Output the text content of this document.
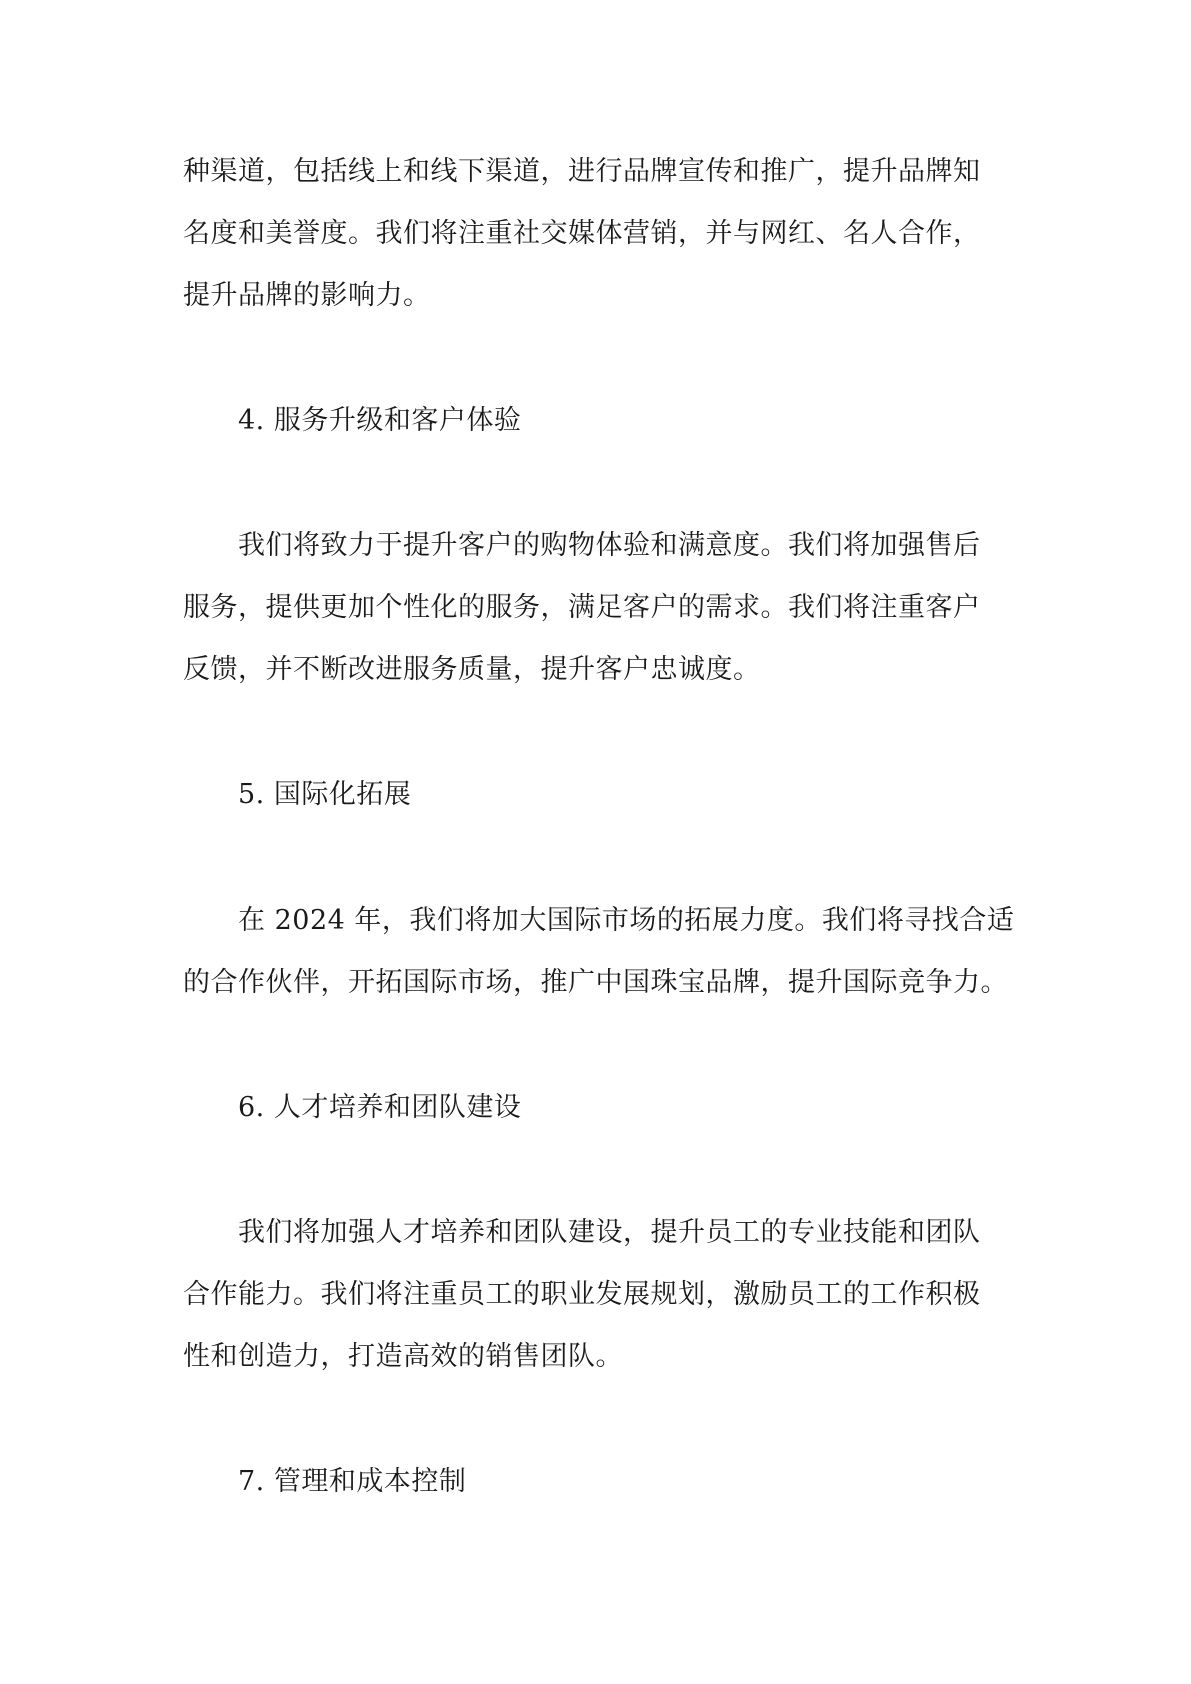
种渠道，包括线上和线下渠道，进行品牌宣传和推广，提升品牌知
名度和美誉度。我们将注重社交媒体营销，并与网红、名人合作，
提升品牌的影响力。
4. 服务升级和客户体验
我们将致力于提升客户的购物体验和满意度。我们将加强售后
服务，提供更加个性化的服务，满足客户的需求。我们将注重客户
反馈，并不断改进服务质量，提升客户忠诚度。
5. 国际化拓展
在 2024 年，我们将加大国际市场的拓展力度。我们将寻找合适
的合作伙伴，开拓国际市场，推广中国珠宝品牌，提升国际竞争力。
6. 人才培养和团队建设
我们将加强人才培养和团队建设，提升员工的专业技能和团队
合作能力。我们将注重员工的职业发展规划，激励员工的工作积极
性和创造力，打造高效的销售团队。
7. 管理和成本控制
